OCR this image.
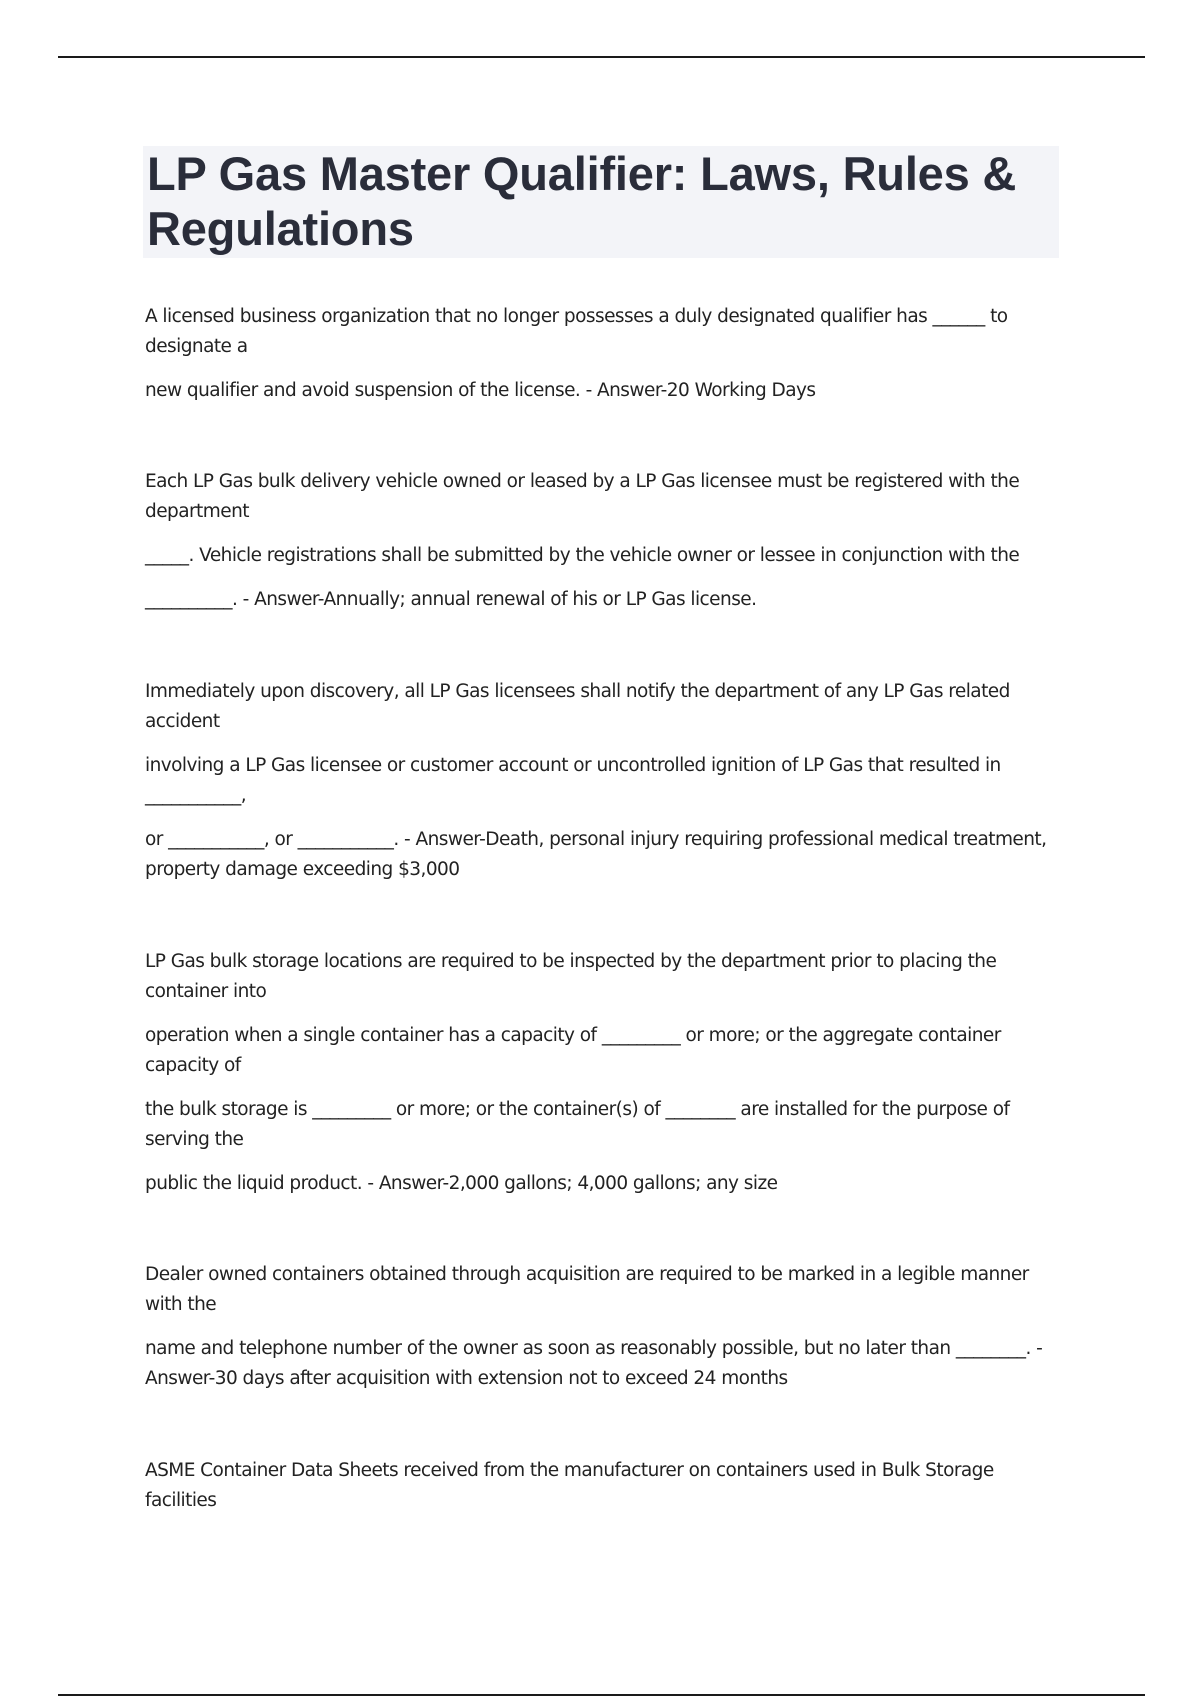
LP Gas Master Qualifier: Laws, Rules & Regulations

A licensed business organization that no longer possesses a duly designated qualifier has ______ to designate a

new qualifier and avoid suspension of the license. - Answer-20 Working Days

Each LP Gas bulk delivery vehicle owned or leased by a LP Gas licensee must be registered with the department

_____. Vehicle registrations shall be submitted by the vehicle owner or lessee in conjunction with the

__________. - Answer-Annually; annual renewal of his or LP Gas license.

Immediately upon discovery, all LP Gas licensees shall notify the department of any LP Gas related accident

involving a LP Gas licensee or customer account or uncontrolled ignition of LP Gas that resulted in ___________,

or ___________, or ___________. - Answer-Death, personal injury requiring professional medical treatment, property damage exceeding $3,000

LP Gas bulk storage locations are required to be inspected by the department prior to placing the container into

operation when a single container has a capacity of _________ or more; or the aggregate container capacity of

the bulk storage is _________ or more; or the container(s) of ________ are installed for the purpose of serving the

public the liquid product. - Answer-2,000 gallons; 4,000 gallons; any size

Dealer owned containers obtained through acquisition are required to be marked in a legible manner with the

name and telephone number of the owner as soon as reasonably possible, but no later than ________. - Answer-30 days after acquisition with extension not to exceed 24 months

ASME Container Data Sheets received from the manufacturer on containers used in Bulk Storage facilities
